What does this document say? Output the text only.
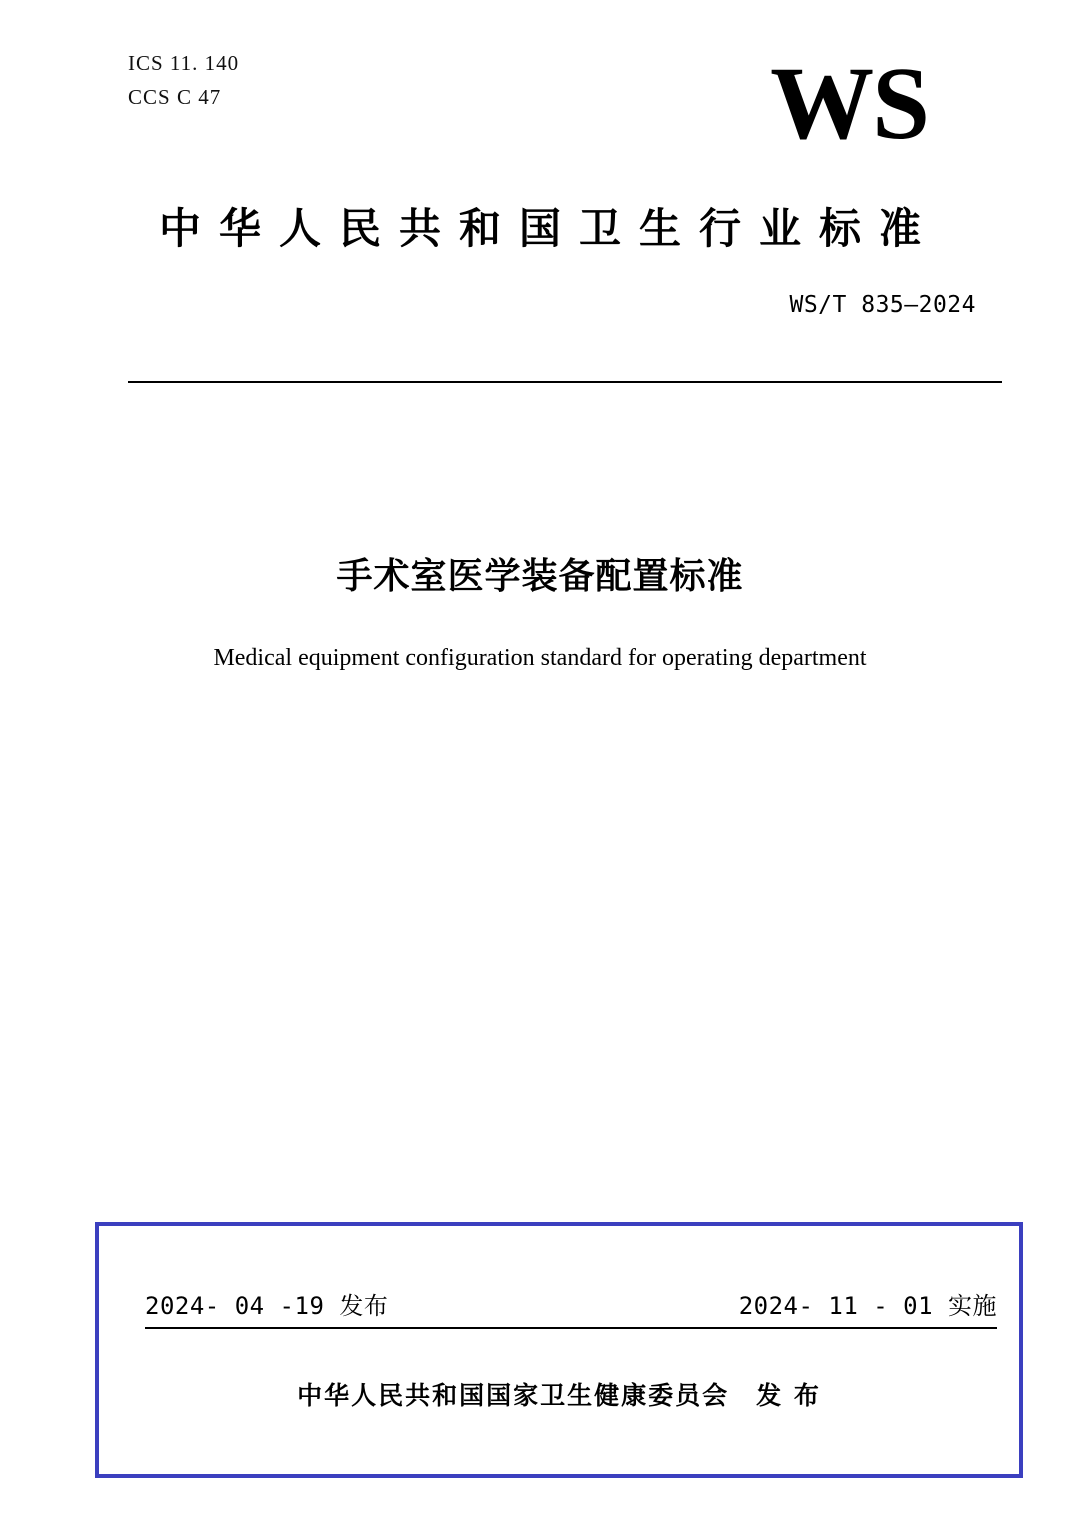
ICS 11. 140
CCS C 47	WS
中华人民共和国卫生行业标准
WS/T 835—2024
手术室医学装备配置标准
Medical equipment configuration standard for operating department
2024- 04 -19 发布	2024- 11 - 01 实施
中华人民共和国国家卫生健康委员会　发 布
